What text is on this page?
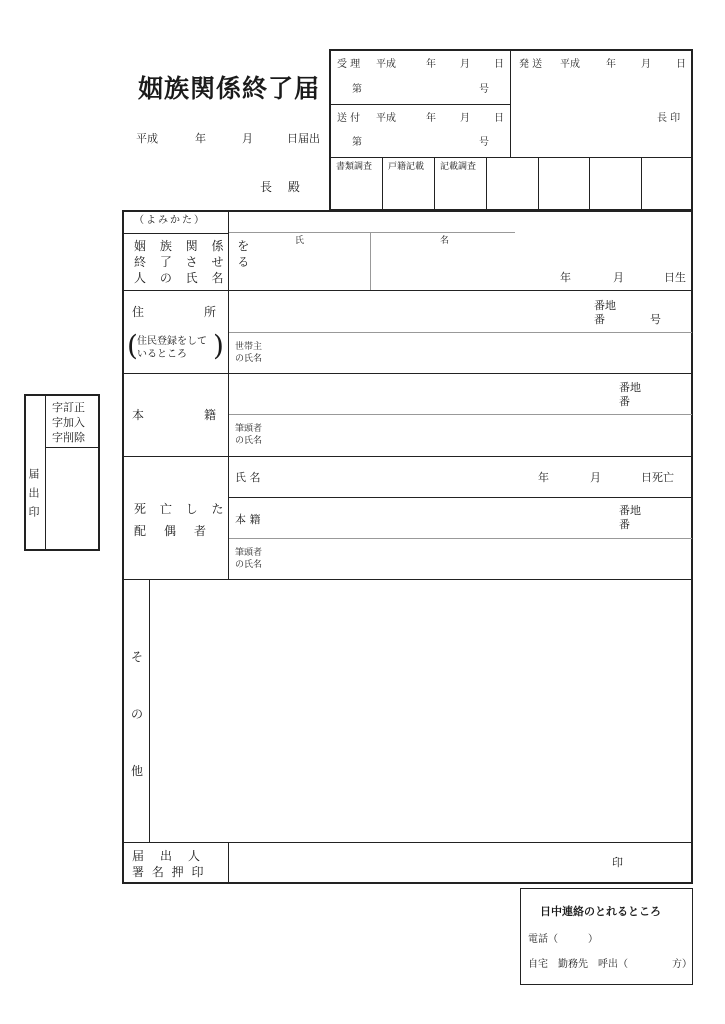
姻族関係終了届
平成	年	月	日届出
長 殿
受 理 平成	年 月 日
第	号
発 送 平成	年	月	日
長 印
送 付 平成	年 月 日
第	号
書類調査 戸籍記載 記載調査
字訂正
字加入
字削除
届出印
（よみかた）
姻 族 関 係 を
終 了 さ せ る
人 の 氏 名
氏	名
年	月	日生
住　　　所
( 住民登録をして
いるところ )
番地
番	号
世帯主
の氏名
本　　　籍
番地
番
筆頭者
の氏名
死 亡 し た
配　偶　者
氏 名	年	月	日死亡
本 籍
番地
番
筆頭者
の氏名
そ
の
他
届　出　人
署 名 押 印
印
日中連絡のとれるところ
電話（　　　）
自宅　勤務先　呼出（	方）
